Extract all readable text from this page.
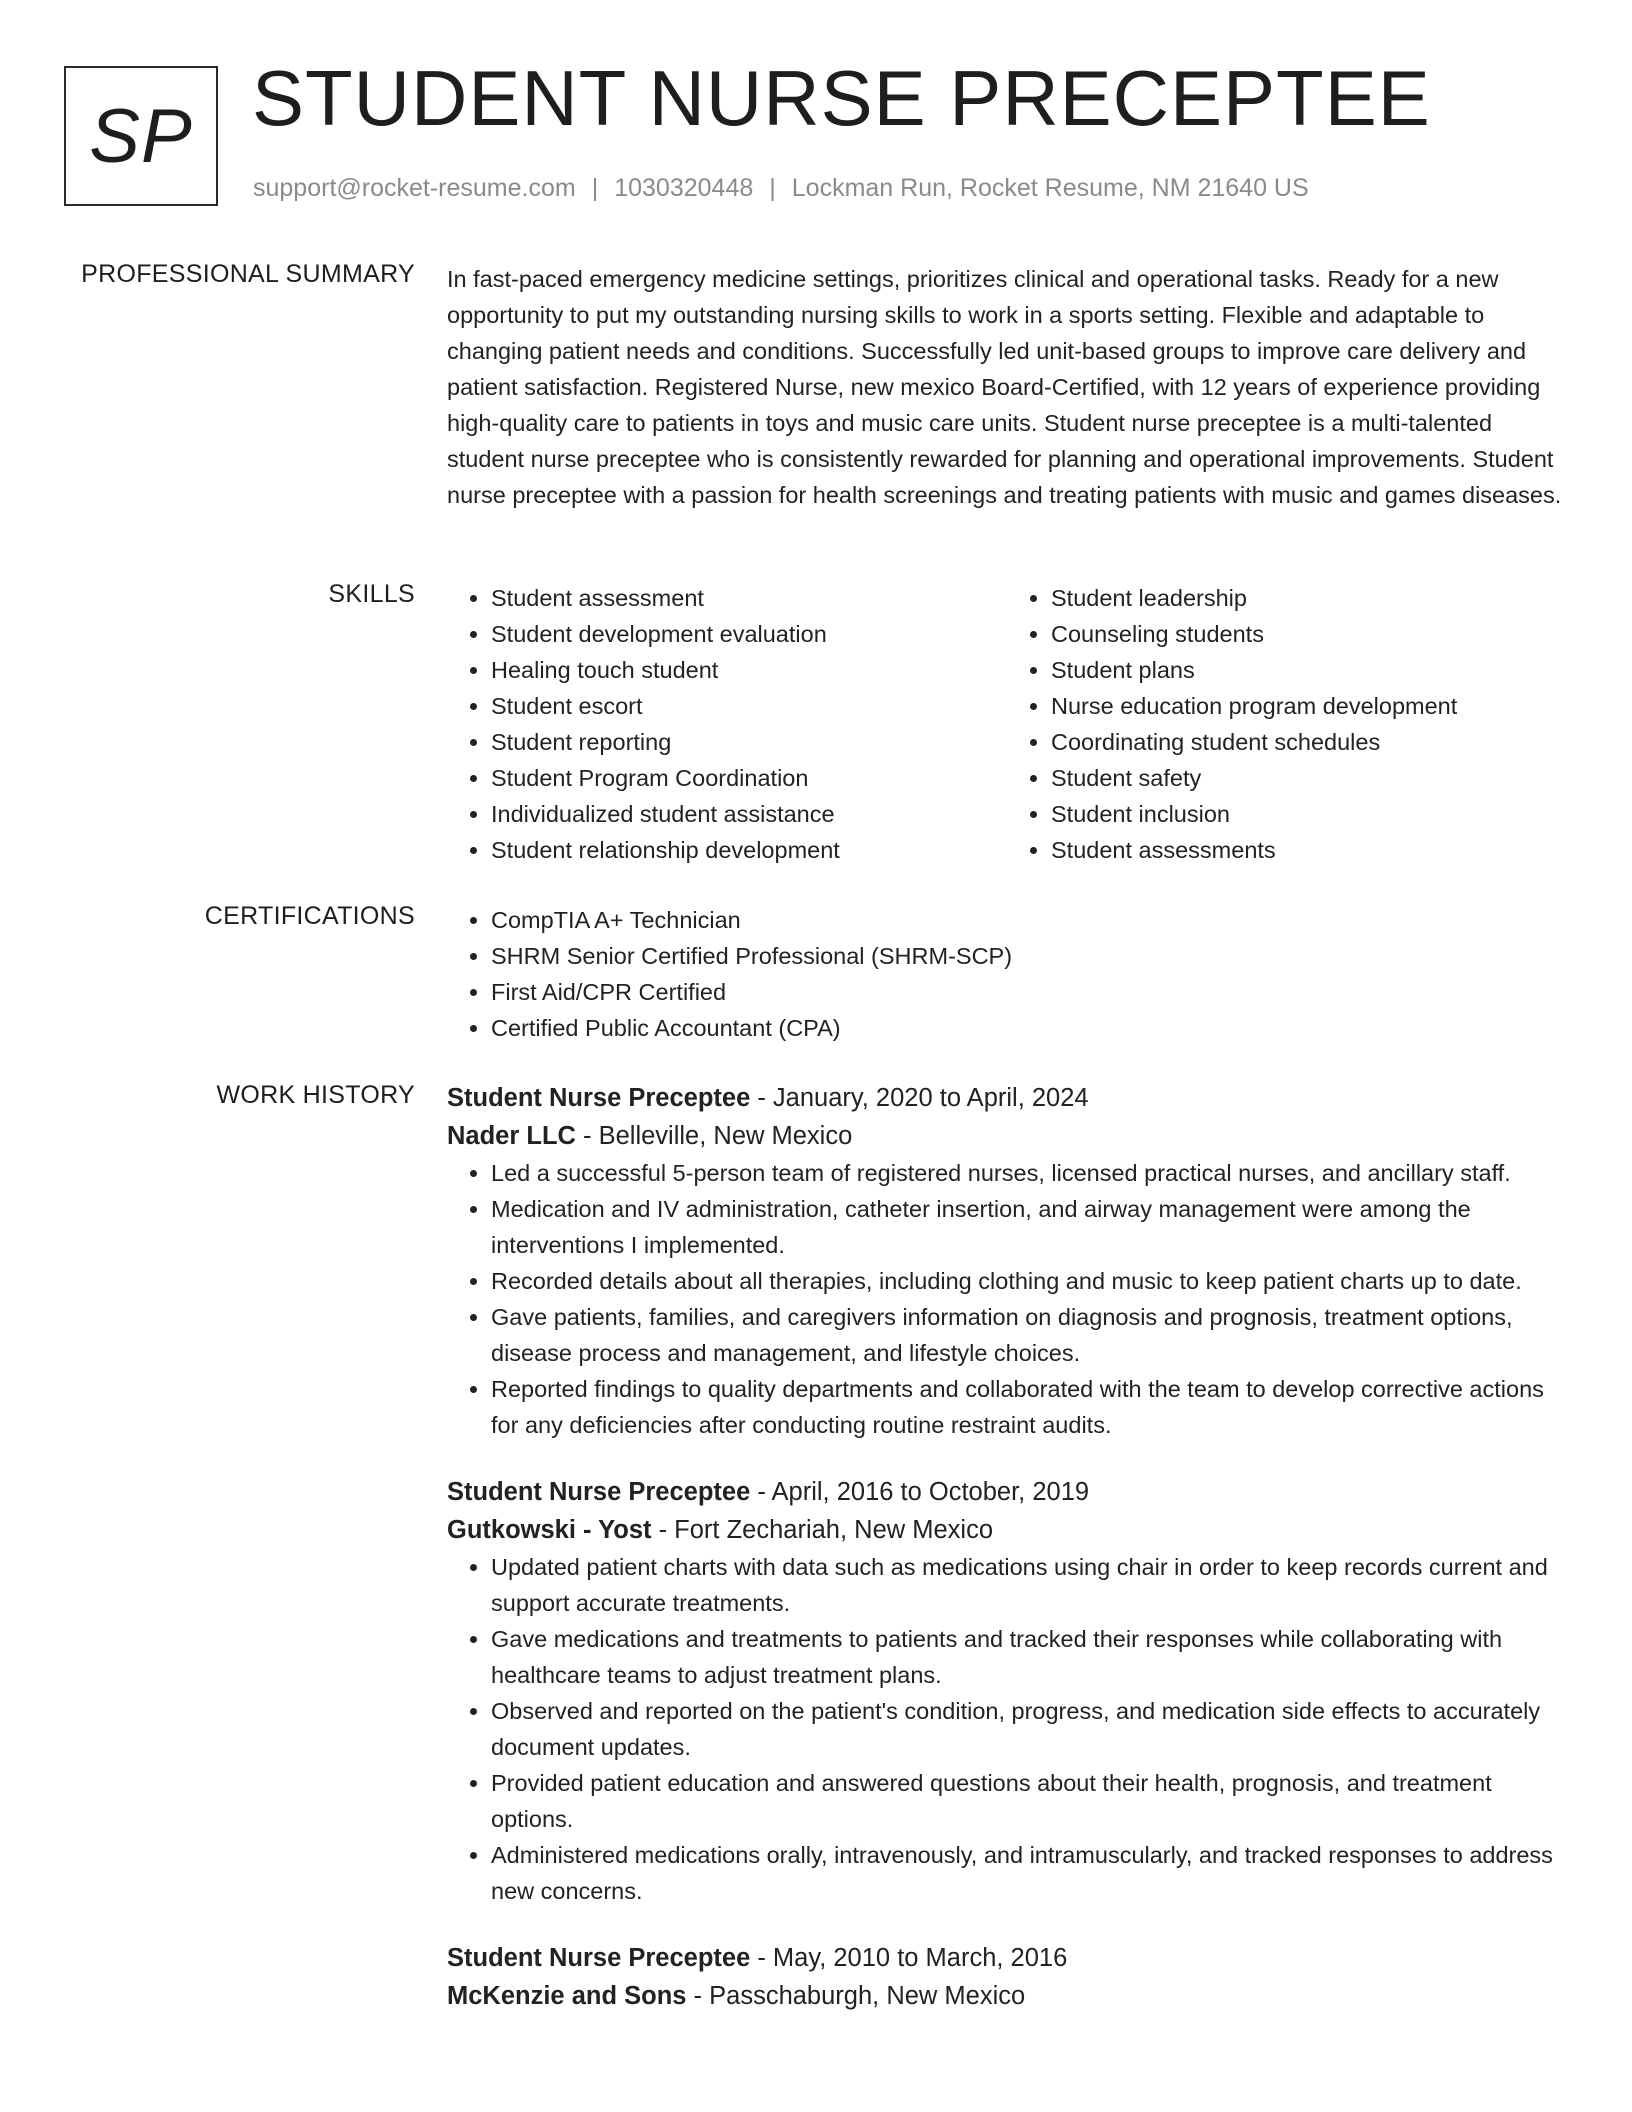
SP STUDENT NURSE PRECEPTEE
support@rocket-resume.com | 1030320448 | Lockman Run, Rocket Resume, NM 21640 US
PROFESSIONAL SUMMARY In fast-paced emergency medicine settings, prioritizes clinical and operational tasks. Ready for a new opportunity to put my outstanding nursing skills to work in a sports setting. Flexible and adaptable to changing patient needs and conditions. Successfully led unit-based groups to improve care delivery and patient satisfaction. Registered Nurse, new mexico Board-Certified, with 12 years of experience providing high-quality care to patients in toys and music care units. Student nurse preceptee is a multi-talented student nurse preceptee who is consistently rewarded for planning and operational improvements. Student nurse preceptee with a passion for health screenings and treating patients with music and games diseases.

SKILLS	• Student assessment
• Student development evaluation
• Healing touch student
• Student escort
• Student reporting
• Student Program Coordination
• Individualized student assistance
• Student relationship development
• Student leadership
• Counseling students
• Student plans
• Nurse education program development
• Coordinating student schedules
• Student safety
• Student inclusion
• Student assessments
CERTIFICATIONS	• CompTIA A+ Technician
• SHRM Senior Certified Professional (SHRM-SCP)
• First Aid/CPR Certified
• Certified Public Accountant (CPA)
WORK HISTORY Student Nurse Preceptee - January, 2020 to April, 2024
Nader LLC - Belleville, New Mexico
• Led a successful 5-person team of registered nurses, licensed practical nurses, and ancillary staff.
• Medication and IV administration, catheter insertion, and airway management were among the interventions I implemented.
• Recorded details about all therapies, including clothing and music to keep patient charts up to date.
• Gave patients, families, and caregivers information on diagnosis and prognosis, treatment options, disease process and management, and lifestyle choices.
• Reported findings to quality departments and collaborated with the team to develop corrective actions for any deficiencies after conducting routine restraint audits.
Student Nurse Preceptee - April, 2016 to October, 2019
Gutkowski - Yost - Fort Zechariah, New Mexico
• Updated patient charts with data such as medications using chair in order to keep records current and support accurate treatments.
• Gave medications and treatments to patients and tracked their responses while collaborating with healthcare teams to adjust treatment plans.
• Observed and reported on the patient's condition, progress, and medication side effects to accurately document updates.
• Provided patient education and answered questions about their health, prognosis, and treatment options.
• Administered medications orally, intravenously, and intramuscularly, and tracked responses to address new concerns.
Student Nurse Preceptee - May, 2010 to March, 2016
McKenzie and Sons - Passchaburgh, New Mexico
